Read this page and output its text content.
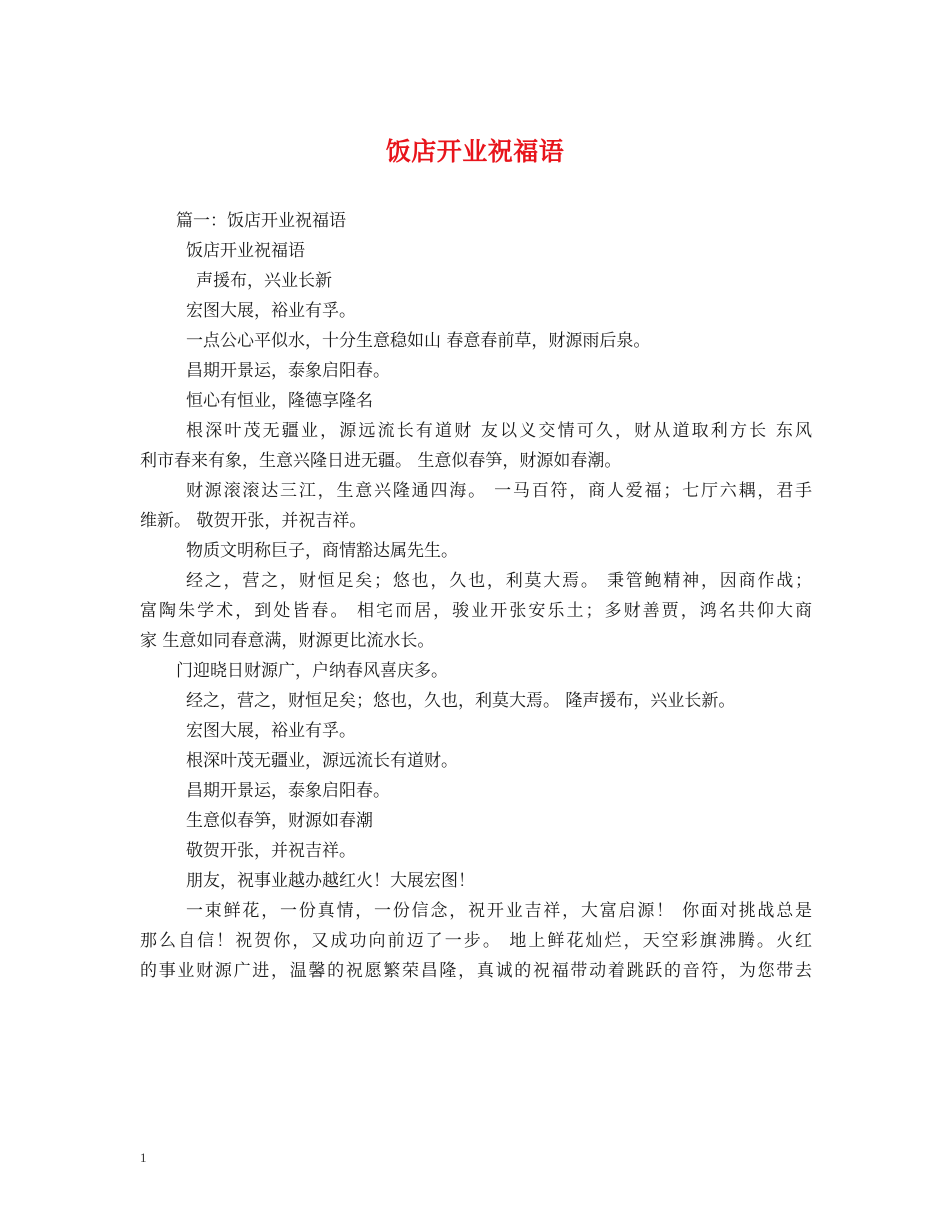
饭店开业祝福语
篇一：饭店开业祝福语
饭店开业祝福语
声援布，兴业长新
宏图大展，裕业有孚。
一点公心平似水，十分生意稳如山 春意春前草，财源雨后泉。
昌期开景运，泰象启阳春。
恒心有恒业，隆德享隆名
根深叶茂无疆业，源远流长有道财 友以义交情可久，财从道取利方长 东风
利市春来有象，生意兴隆日进无疆。 生意似春笋，财源如春潮。
财源滚滚达三江，生意兴隆通四海。 一马百符，商人爱福；七厅六耦，君手
维新。 敬贺开张，并祝吉祥。
物质文明称巨子，商情豁达属先生。
经之，营之，财恒足矣；悠也，久也，利莫大焉。 秉管鲍精神，因商作战；
富陶朱学术，到处皆春。 相宅而居，骏业开张安乐土；多财善贾，鸿名共仰大商
家 生意如同春意满，财源更比流水长。
门迎晓日财源广，户纳春风喜庆多。
经之，营之，财恒足矣；悠也，久也，利莫大焉。 隆声援布，兴业长新。
宏图大展，裕业有孚。
根深叶茂无疆业，源远流长有道财。
昌期开景运，泰象启阳春。
生意似春笋，财源如春潮
敬贺开张，并祝吉祥。
朋友，祝事业越办越红火！大展宏图！
一束鲜花，一份真情，一份信念，祝开业吉祥，大富启源！ 你面对挑战总是
那么自信！祝贺你，又成功向前迈了一步。 地上鲜花灿烂，天空彩旗沸腾。火红
的事业财源广进，温馨的祝愿繁荣昌隆，真诚的祝福带动着跳跃的音符，为您带去
1
